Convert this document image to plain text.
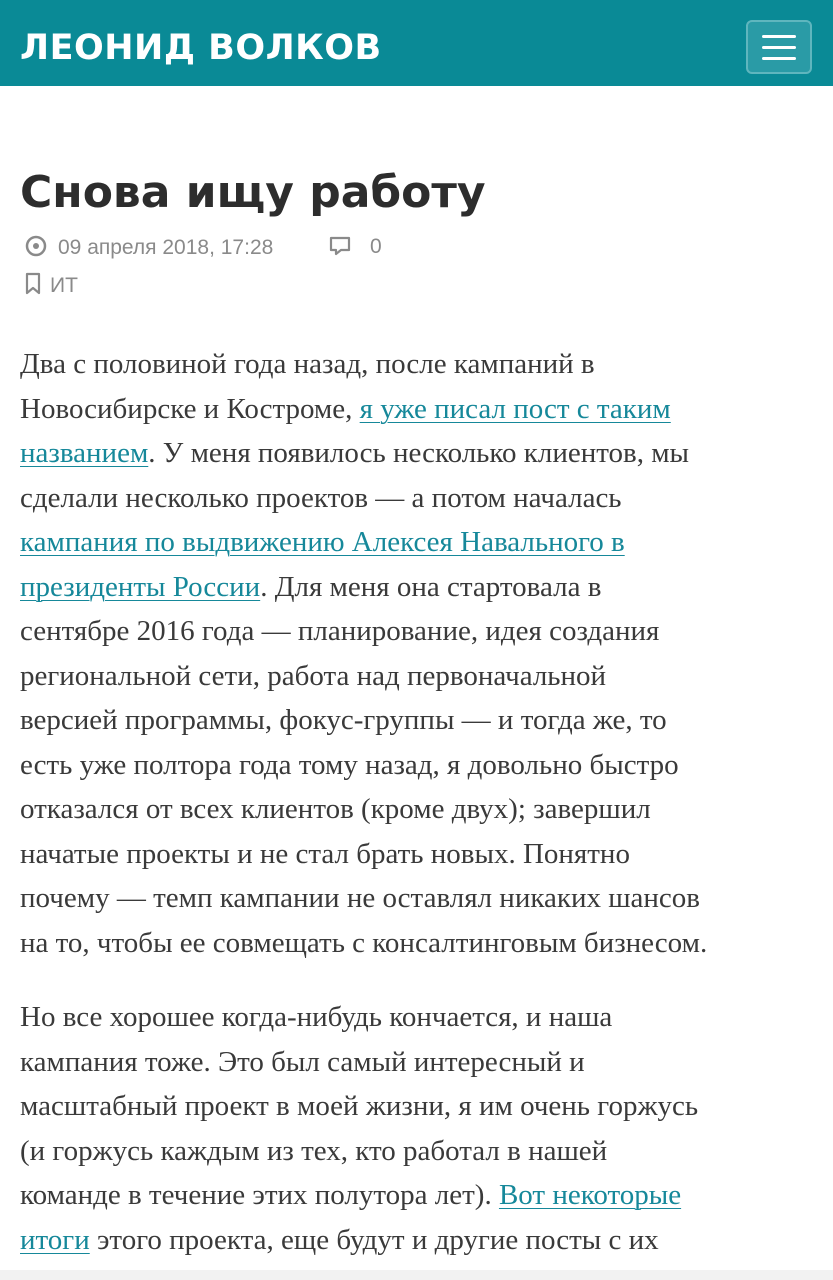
ЛЕОНИД ВОЛКОВ
Снова ищу работу
09 апреля 2018, 17:28	0
ИТ

Два с половиной года назад, после кампаний в
Новосибирске и Костроме, я уже писал пост с таким
названием. У меня появилось несколько клиентов, мы
сделали несколько проектов — а потом началась
кампания по выдвижению Алексея Навального в
президенты России. Для меня она стартовала в
сентябре 2016 года — планирование, идея создания
региональной сети, работа над первоначальной
версией программы, фокус-группы — и тогда же, то
есть уже полтора года тому назад, я довольно быстро
отказался от всех клиентов (кроме двух); завершил
начатые проекты и не стал брать новых. Понятно
почему — темп кампании не оставлял никаких шансов
на то, чтобы ее совмещать с консалтинговым бизнесом.

Но все хорошее когда-нибудь кончается, и наша
кампания тоже. Это был самый интересный и
масштабный проект в моей жизни, я им очень горжусь
(и горжусь каждым из тех, кто работал в нашей
команде в течение этих полутора лет). Вот некоторые
итоги этого проекта, еще будут и другие посты с их
